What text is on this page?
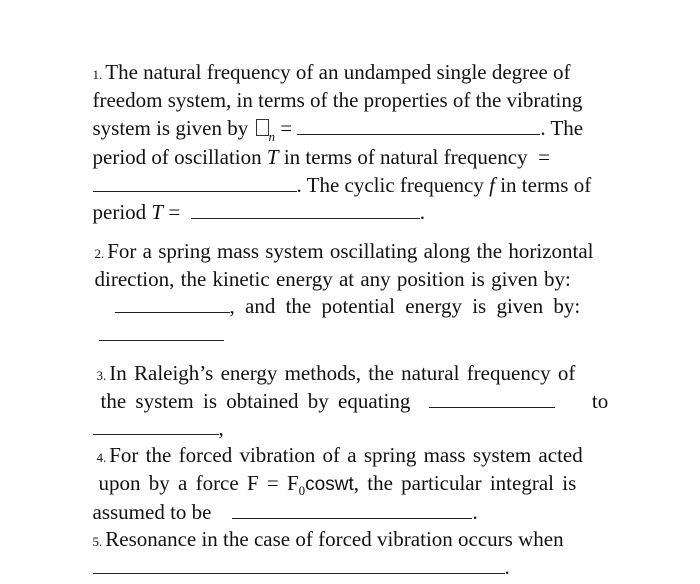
1. The natural frequency of an undamped single degree of

freedom system, in terms of the properties of the vibrating

system is given by $_n$ =	. The

period of oscillation T in terms of natural frequency =

. The cyclic frequency f in terms of

period T =	.

2. For a spring mass system oscillating along the horizontal

direction, the kinetic energy at any position is given by:

, and the potential energy is given by:

3. In Raleigh’s energy methods, the natural frequency of

the system is obtained by equating	to

,

4. For the forced vibration of a spring mass system acted

upon by a force $F = F_0coswt$, the particular integral is

assumed to be	.

5. Resonance in the case of forced vibration occurs when

.
